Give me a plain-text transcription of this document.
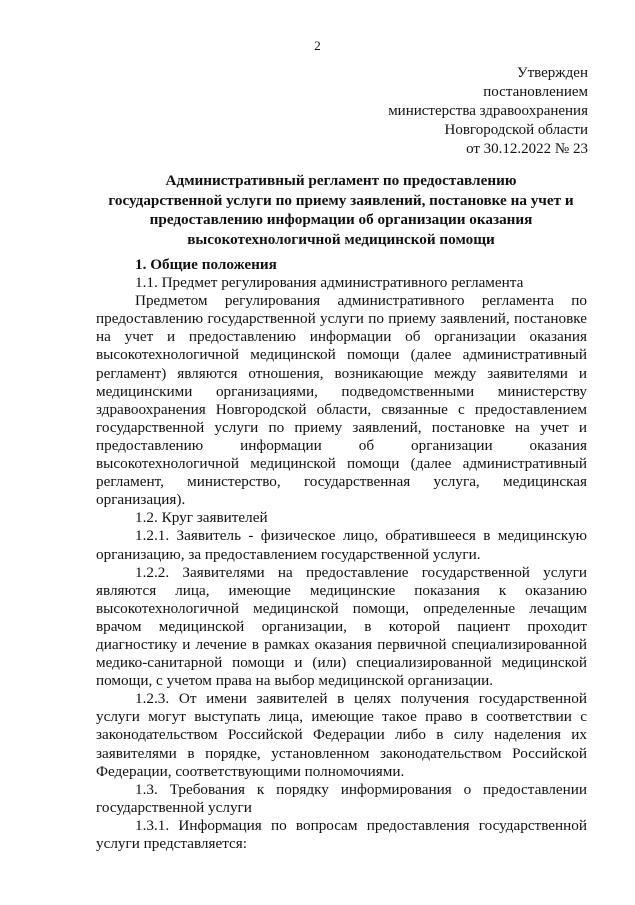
2
Утвержден
постановлением
министерства здравоохранения
Новгородской области
от 30.12.2022 № 23
Административный регламент по предоставлению
государственной услуги по приему заявлений, постановке на учет и
предоставлению информации об организации оказания
высокотехнологичной медицинской помощи

1. Общие положения

1.1. Предмет регулирования административного регламента

Предметом регулирования административного регламента по предоставлению государственной услуги по приему заявлений, постановке на учет и предоставлению информации об организации оказания высокотехнологичной медицинской помощи (далее административный регламент) являются отношения, возникающие между заявителями и медицинскими организациями, подведомственными министерству здравоохранения Новгородской области, связанные с предоставлением государственной услуги по приему заявлений, постановке на учет и предоставлению информации об организации оказания высокотехнологичной медицинской помощи (далее административный регламент, министерство, государственная услуга, медицинская организация).

1.2. Круг заявителей

1.2.1. Заявитель - физическое лицо, обратившееся в медицинскую организацию, за предоставлением государственной услуги.

1.2.2. Заявителями на предоставление государственной услуги являются лица, имеющие медицинские показания к оказанию высокотехнологичной медицинской помощи, определенные лечащим врачом медицинской организации, в которой пациент проходит диагностику и лечение в рамках оказания первичной специализированной медико-санитарной помощи и (или) специализированной медицинской помощи, с учетом права на выбор медицинской организации.

1.2.3. От имени заявителей в целях получения государственной услуги могут выступать лица, имеющие такое право в соответствии с законодательством Российской Федерации либо в силу наделения их заявителями в порядке, установленном законодательством Российской Федерации, соответствующими полномочиями.

1.3. Требования к порядку информирования о предоставлении государственной услуги

1.3.1. Информация по вопросам предоставления государственной услуги представляется:
